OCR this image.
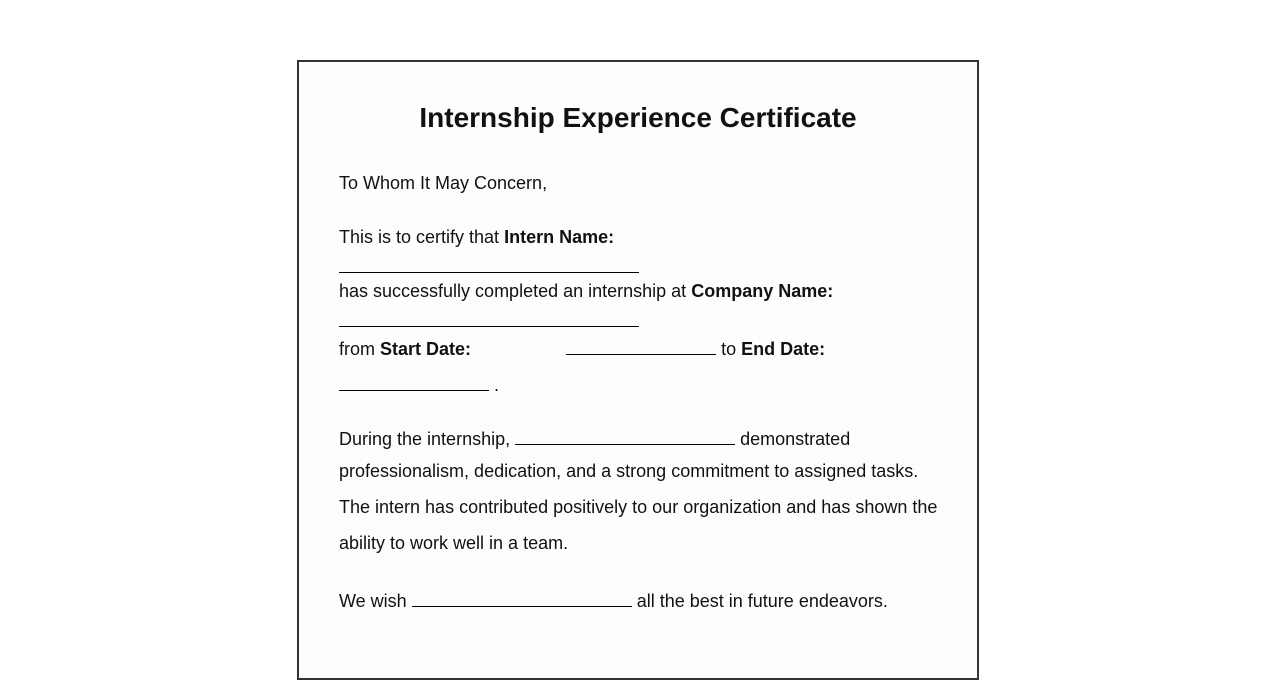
Internship Experience Certificate
To Whom It May Concern,
This is to certify that Intern Name:
has successfully completed an internship at Company Name:
from Start Date:	to End Date:
.
During the internship,	demonstrated
professionalism, dedication, and a strong commitment to assigned tasks.
The intern has contributed positively to our organization and has shown the
ability to work well in a team.
We wish	all the best in future endeavors.
